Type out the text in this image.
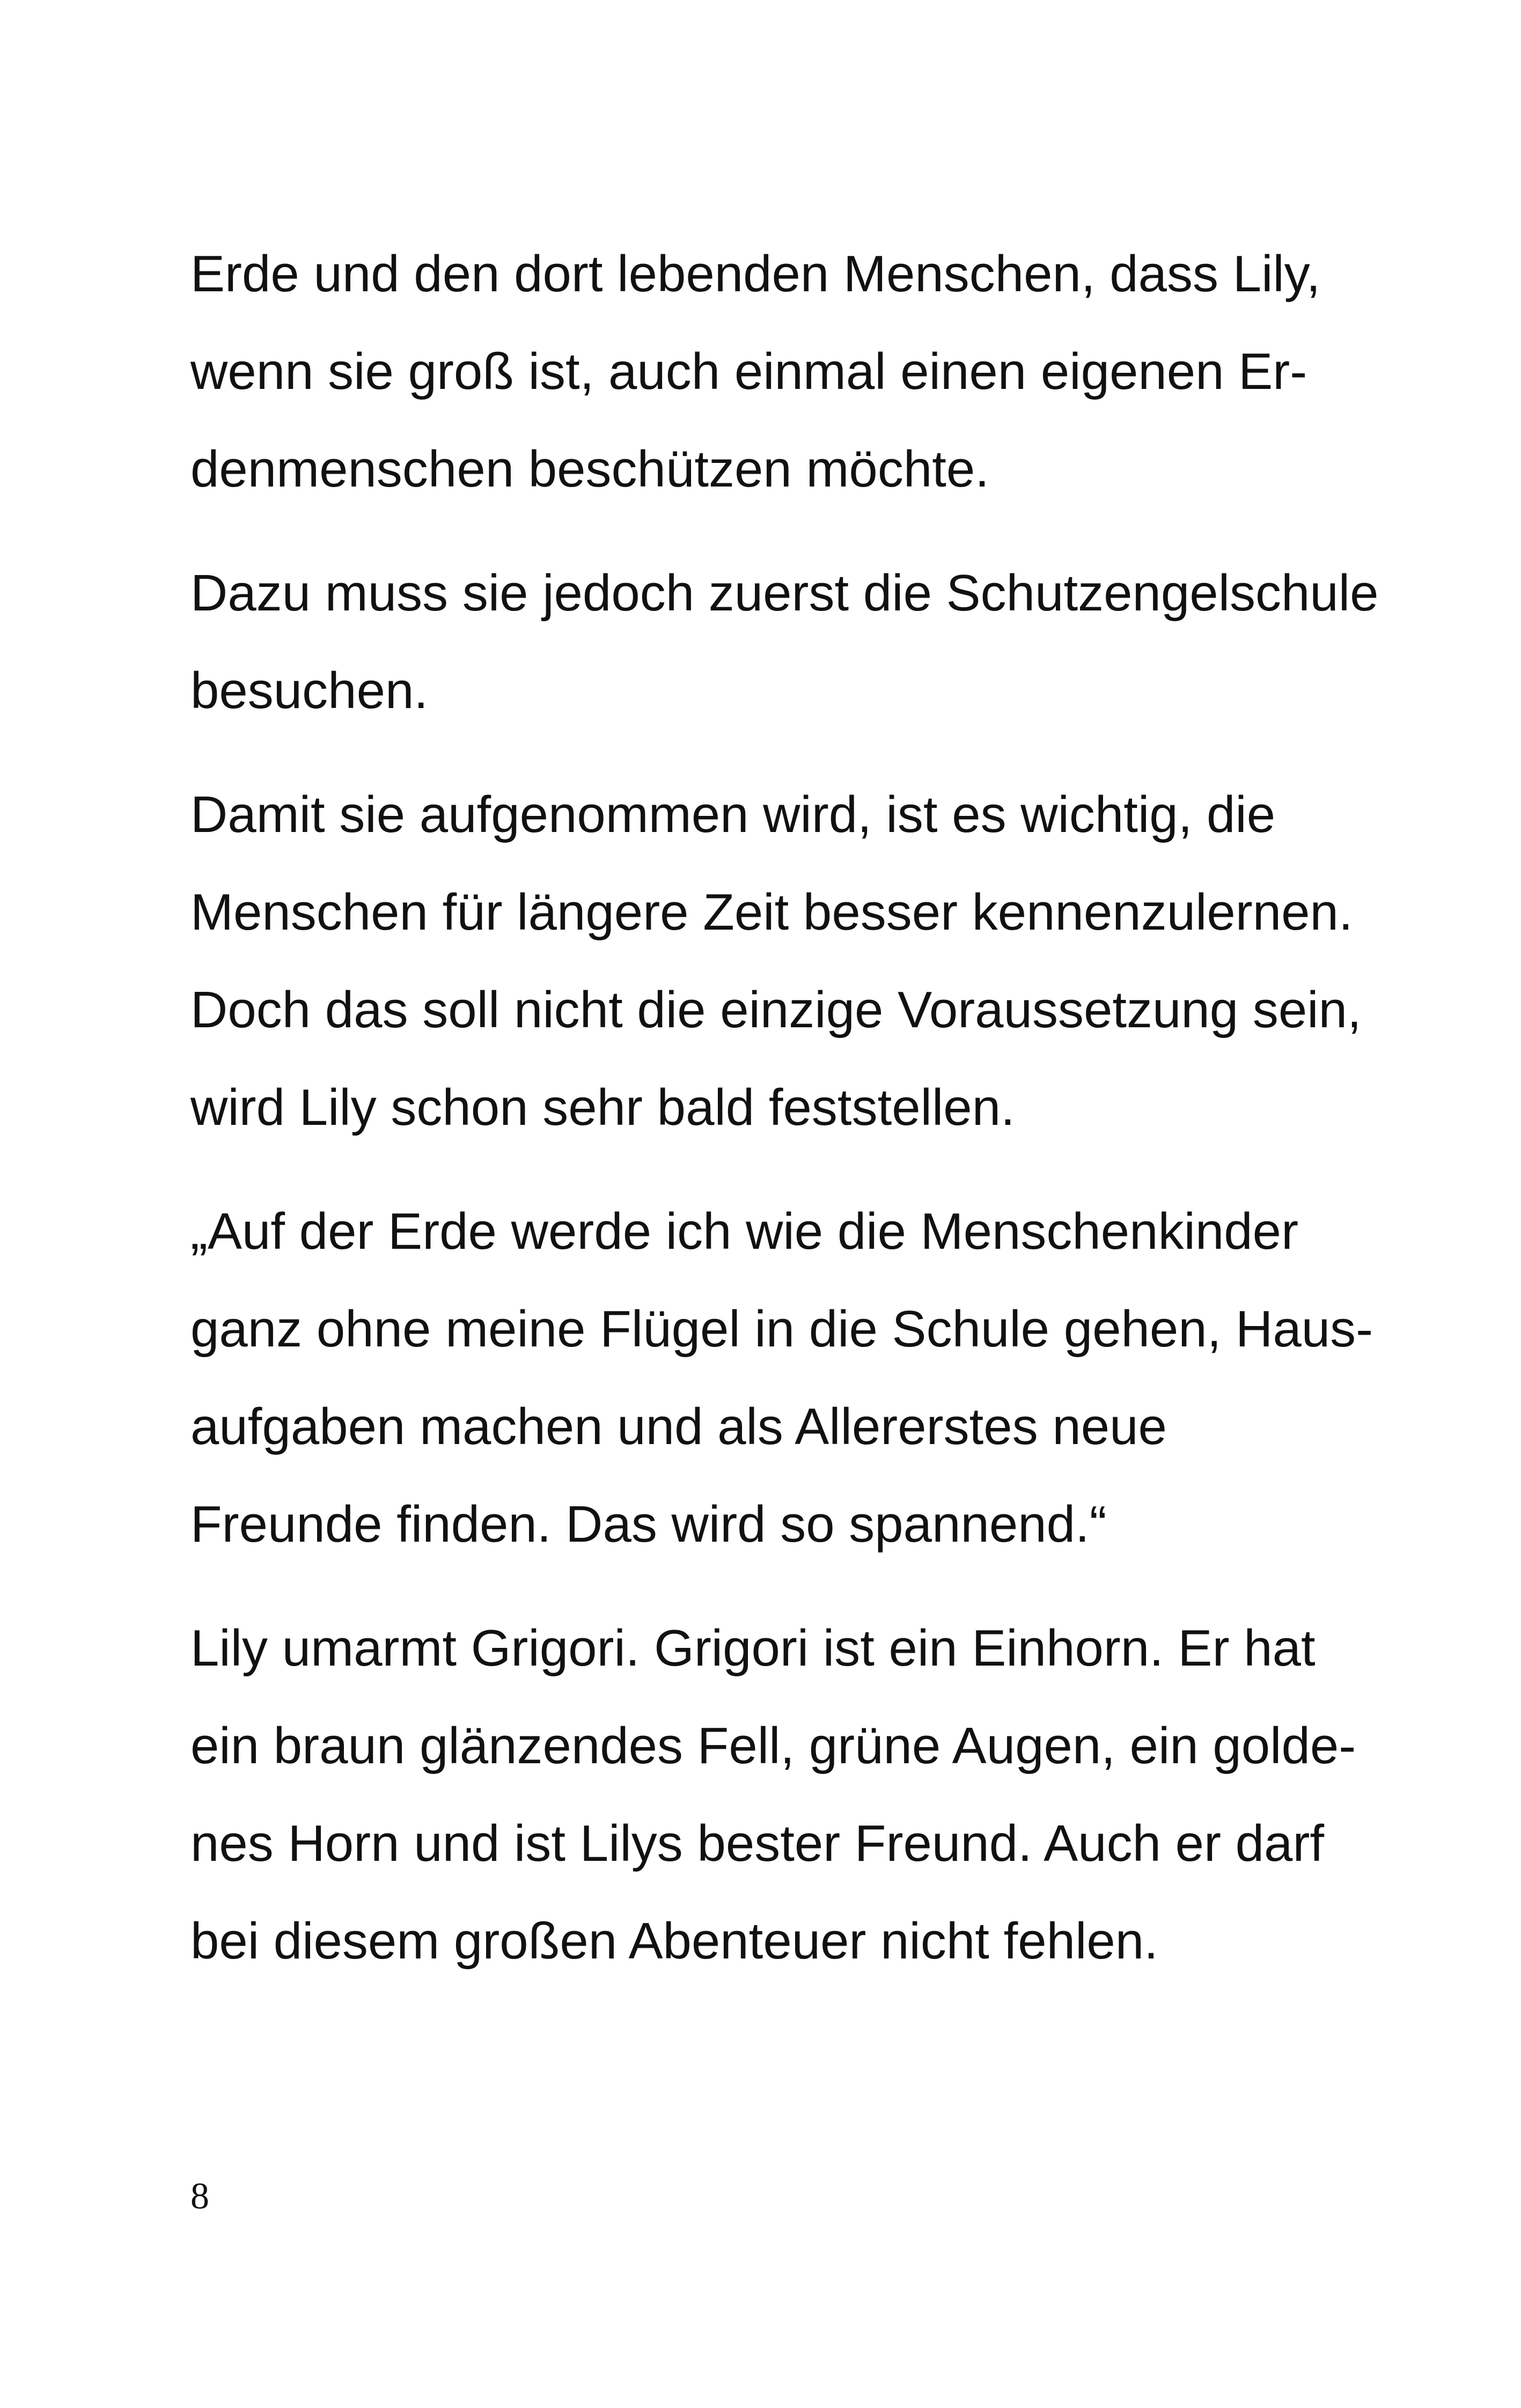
Erde und den dort lebenden Menschen, dass Lily,
wenn sie groß ist, auch einmal einen eigenen Er-
denmenschen beschützen möchte.

Dazu muss sie jedoch zuerst die Schutzengelschule
besuchen.

Damit sie aufgenommen wird, ist es wichtig, die
Menschen für längere Zeit besser kennenzulernen.
Doch das soll nicht die einzige Voraussetzung sein,
wird Lily schon sehr bald feststellen.

„Auf der Erde werde ich wie die Menschenkinder
ganz ohne meine Flügel in die Schule gehen, Haus-
aufgaben machen und als Allererstes neue
Freunde finden. Das wird so spannend.“

Lily umarmt Grigori. Grigori ist ein Einhorn. Er hat
ein braun glänzendes Fell, grüne Augen, ein golde-
nes Horn und ist Lilys bester Freund. Auch er darf
bei diesem großen Abenteuer nicht fehlen.

8
